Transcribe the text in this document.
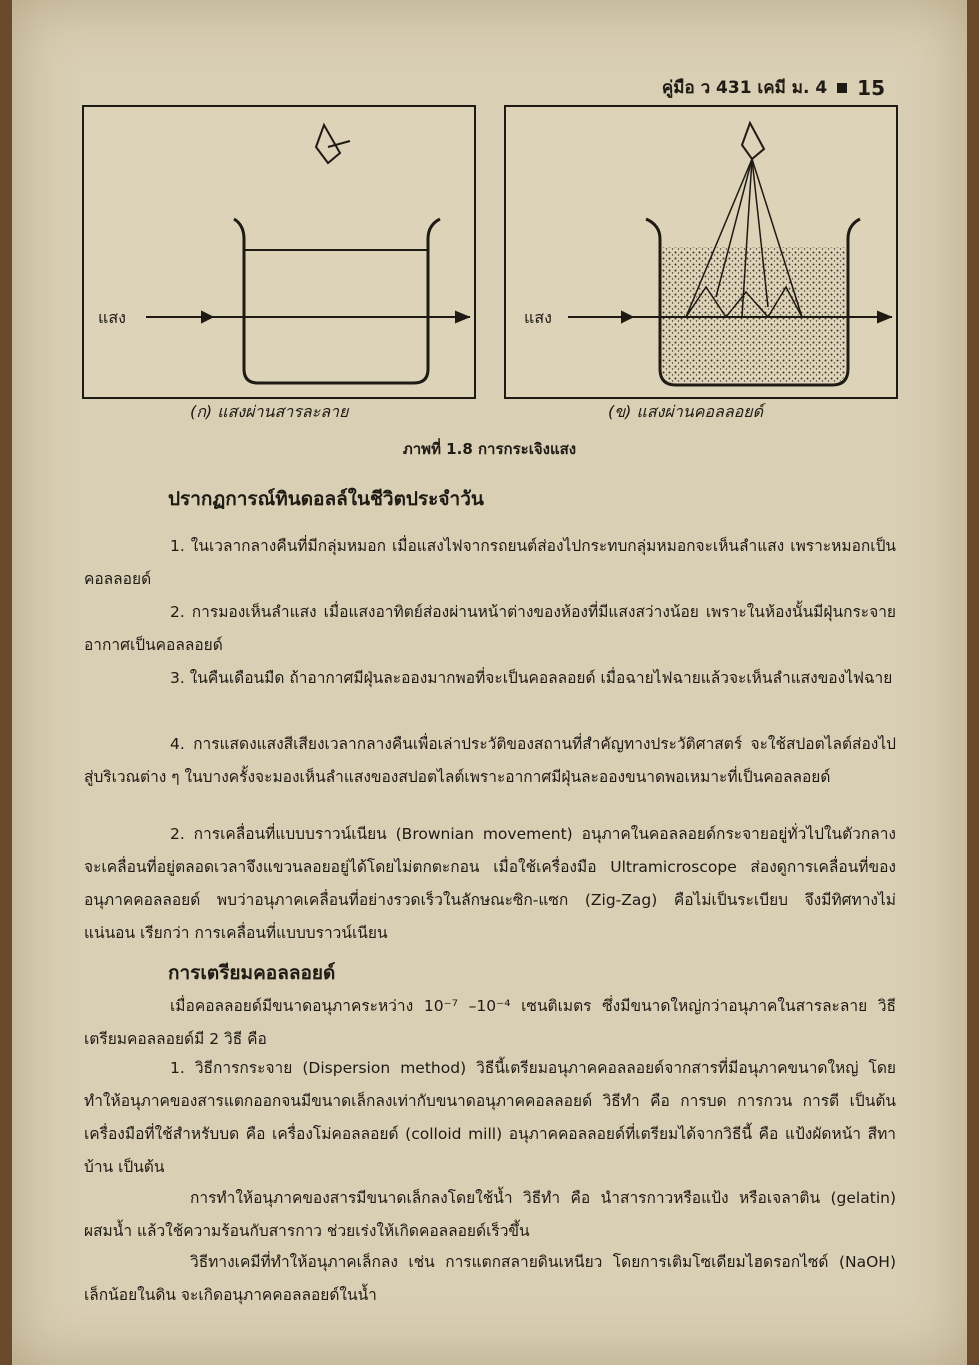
คู่มือ ว 431 เคมี ม. 4 15
แสง	แสง
(ก) แสงผ่านสารละลาย	(ข) แสงผ่านคอลลอยด์
ภาพที่ 1.8 การกระเจิงแสง
ปรากฏการณ์ทินดอลล์ในชีวิตประจำวัน
1. ในเวลากลางคืนที่มีกลุ่มหมอก เมื่อแสงไฟจากรถยนต์ส่องไปกระทบกลุ่มหมอกจะเห็นลำแสง เพราะหมอกเป็นคอลลอยด์
2. การมองเห็นลำแสง เมื่อแสงอาทิตย์ส่องผ่านหน้าต่างของห้องที่มีแสงสว่างน้อย เพราะในห้องนั้นมีฝุ่นกระจายอากาศเป็นคอลลอยด์
3. ในคืนเดือนมืด ถ้าอากาศมีฝุ่นละอองมากพอที่จะเป็นคอลลอยด์ เมื่อฉายไฟฉายแล้วจะเห็นลำแสงของไฟฉาย
4. การแสดงแสงสีเสียงเวลากลางคืนเพื่อเล่าประวัติของสถานที่สำคัญทางประวัติศาสตร์ จะใช้สปอตไลต์ส่องไปสู่บริเวณต่าง ๆ ในบางครั้งจะมองเห็นลำแสงของสปอตไลต์เพราะอากาศมีฝุ่นละอองขนาดพอเหมาะที่เป็นคอลลอยด์
2. การเคลื่อนที่แบบบราวน์เนียน (Brownian movement) อนุภาคในคอลลอยด์กระจายอยู่ทั่วไปในตัวกลาง จะเคลื่อนที่อยู่ตลอดเวลาจึงแขวนลอยอยู่ได้โดยไม่ตกตะกอน เมื่อใช้เครื่องมือ Ultramicroscope ส่องดูการเคลื่อนที่ของอนุภาคคอลลอยด์ พบว่าอนุภาคเคลื่อนที่อย่างรวดเร็วในลักษณะซิก-แซก (Zig-Zag) คือไม่เป็นระเบียบ จึงมีทิศทางไม่แน่นอน เรียกว่า การเคลื่อนที่แบบบราวน์เนียน
การเตรียมคอลลอยด์
เมื่อคอลลอยด์มีขนาดอนุภาคระหว่าง 10⁻⁷ –10⁻⁴ เซนติเมตร ซึ่งมีขนาดใหญ่กว่าอนุภาคในสารละลาย วิธีเตรียมคอลลอยด์มี 2 วิธี คือ
1. วิธีการกระจาย (Dispersion method) วิธีนี้เตรียมอนุภาคคอลลอยด์จากสารที่มีอนุภาคขนาดใหญ่ โดยทำให้อนุภาคของสารแตกออกจนมีขนาดเล็กลงเท่ากับขนาดอนุภาคคอลลอยด์ วิธีทำ คือ การบด การกวน การตี เป็นต้น เครื่องมือที่ใช้สำหรับบด คือ เครื่องโม่คอลลอยด์ (colloid mill) อนุภาคคอลลอยด์ที่เตรียมได้จากวิธีนี้ คือ แป้งผัดหน้า สีทาบ้าน เป็นต้น
การทำให้อนุภาคของสารมีขนาดเล็กลงโดยใช้น้ำ วิธีทำ คือ นำสารกาวหรือแป้ง หรือเจลาติน (gelatin) ผสมน้ำ แล้วใช้ความร้อนกับสารกาว ช่วยเร่งให้เกิดคอลลอยด์เร็วขึ้น
วิธีทางเคมีที่ทำให้อนุภาคเล็กลง เช่น การแตกสลายดินเหนียว โดยการเติมโซเดียมไฮดรอกไซด์ (NaOH) เล็กน้อยในดิน จะเกิดอนุภาคคอลลอยด์ในน้ำ
